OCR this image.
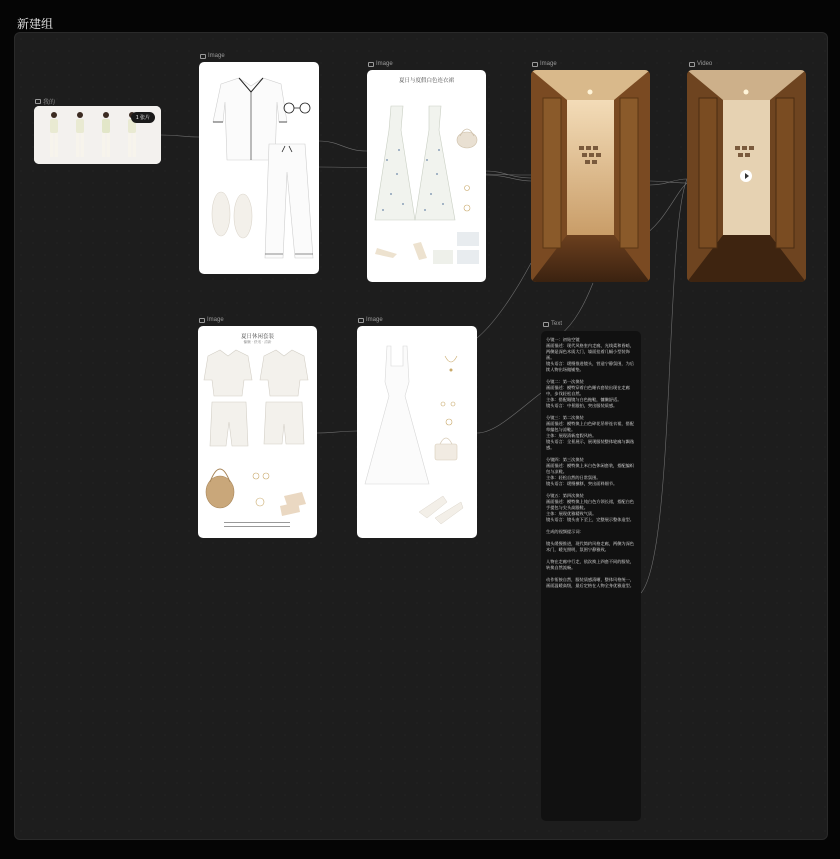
新建组
我的
1 张片
Image
Image
夏日与度假白色连衣裙
Image	Video
Image
夏日休闲套装
慵懒 · 舒适 · 清新
Image
Text

分镜一：初始空镜
画面描述：现代风格室内走廊，光线柔和昏暗，两侧是深色木质大门，墙面挂着几幅小型装饰画。
镜头语言：缓慢推进镜头，营造宁静氛围，为后续人物出场做铺垫。

分镜二：第一次换装
画面描述：模特穿着白色睡衣套装出现在走廊中，步伐轻松自然。
主体：搭配眼镜与白色拖鞋，慵懒舒适。
镜头语言：中景跟拍，突出服装质感。

分镜三：第二次换装
画面描述：模特换上白色碎花吊带连衣裙，搭配草编包与凉鞋。
主体：展现清新度假风格。
镜头语言：全景展示，展现服装整体轮廓与飘逸感。

分镜四：第三次换装
画面描述：模特换上米白色休闲套装，搭配编织包与凉鞋。
主体：轻松自然的日常氛围。
镜头语言：缓慢横移，突出面料细节。

分镜五：第四次换装
画面描述：模特换上纯白色方领长裙，搭配白色手提包与尖头高跟鞋。
主体：展现优雅精致气质。
镜头语言：镜头由下至上，完整展示整体造型。

生成的视频提示词：

镜头缓慢推进，现代简约风格走廊，两侧为深色木门，暖光照明，氛围宁静雅致。

人物在走廊中行走，依次换上四套不同的服装，转换自然流畅。

动作衔接自然，服装质感清晰，整体风格统一，画面温暖高级，最后定格在人物全身优雅造型。
